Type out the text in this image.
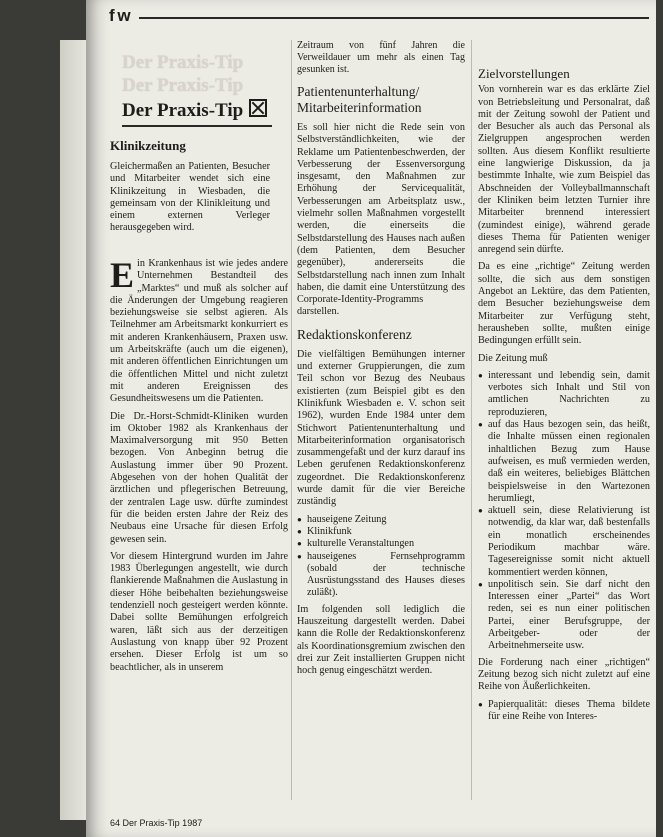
f w
Der Praxis-Tip
Der Praxis-Tip
Der Praxis-Tip
Klinikzeitung
Gleichermaßen an Patienten, Besucher und Mitarbeiter wendet sich eine Klinikzeitung in Wiesbaden, die gemeinsam von der Klinikleitung und einem externen Verleger herausgegeben wird.

Ein Krankenhaus ist wie jedes andere Unternehmen Bestandteil des „Marktes“ und muß als solcher auf die Änderungen der Umgebung reagieren beziehungsweise sie selbst agieren. Als Teilnehmer am Arbeitsmarkt konkurriert es mit anderen Krankenhäusern, Praxen usw. um Arbeitskräfte (auch um die eigenen), mit anderen öffentlichen Einrichtungen um die öffentlichen Mittel und nicht zuletzt mit anderen Ereignissen des Gesundheitswesens um die Patienten.

Die Dr.-Horst-Schmidt-Kliniken wurden im Oktober 1982 als Krankenhaus der Maximalversorgung mit 950 Betten bezogen. Von Anbeginn betrug die Auslastung immer über 90 Prozent. Abgesehen von der hohen Qualität der ärztlichen und pflegerischen Betreuung, der zentralen Lage usw. dürfte zumindest für die beiden ersten Jahre der Reiz des Neubaus eine Ursache für diesen Erfolg gewesen sein.

Vor diesem Hintergrund wurden im Jahre 1983 Überlegungen angestellt, wie durch flankierende Maßnahmen die Auslastung in dieser Höhe beibehalten beziehungsweise tendenziell noch gesteigert werden könnte. Dabei sollte Bemühungen erfolgreich waren, läßt sich aus der derzeitigen Auslastung von knapp über 92 Prozent ersehen. Dieser Erfolg ist um so beachtlicher, als in unserem

Zeitraum von fünf Jahren die Verweildauer um mehr als einen Tag gesunken ist.
Patientenunterhaltung/ Mitarbeiterinformation

Es soll hier nicht die Rede sein von Selbstverständlichkeiten, wie der Reklame um Patientenbeschwerden, der Verbesserung der Essenversorgung insgesamt, den Maßnahmen zur Erhöhung der Servicequalität, Verbesserungen am Arbeitsplatz usw., vielmehr sollen Maßnahmen vorgestellt werden, die einerseits die Selbstdarstellung des Hauses nach außen (dem Patienten, dem Besucher gegenüber), andererseits die Selbstdarstellung nach innen zum Inhalt haben, die damit eine Unterstützung des Corporate-Identity-Programms darstellen.

Redaktionskonferenz

Die vielfältigen Bemühungen interner und externer Gruppierungen, die zum Teil schon vor Bezug des Neubaus existierten (zum Beispiel gibt es den Klinikfunk Wiesbaden e. V. schon seit 1962), wurden Ende 1984 unter dem Stichwort Patientenunterhaltung und Mitarbeiterinformation organisatorisch zusammengefaßt und der kurz darauf ins Leben gerufenen Redaktionskonferenz zugeordnet. Die Redaktionskonferenz wurde damit für die vier Bereiche zuständig

● hauseigene Zeitung
● Klinikfunk
● kulturelle Veranstaltungen
● hauseigenes Fernsehprogramm (sobald der technische Ausrüstungsstand des Hauses dieses zuläßt).

Im folgenden soll lediglich die Hauszeitung dargestellt werden. Dabei kann die Rolle der Redaktionskonferenz als Koordinationsgremium zwischen den drei zur Zeit installierten Gruppen nicht hoch genug eingeschätzt werden.

Zielvorstellungen

Von vornherein war es das erklärte Ziel von Betriebsleitung und Personalrat, daß mit der Zeitung sowohl der Patient und der Besucher als auch das Personal als Zielgruppen angesprochen werden sollten. Aus diesem Konflikt resultierte eine langwierige Diskussion, da ja bestimmte Inhalte, wie zum Beispiel das Abschneiden der Volleyballmannschaft der Kliniken beim letzten Turnier ihre Mitarbeiter brennend interessiert (zumindest einige), während gerade dieses Thema für Patienten weniger anregend sein dürfte.

Da es eine „richtige“ Zeitung werden sollte, die sich aus dem sonstigen Angebot an Lektüre, das dem Patienten, dem Besucher beziehungsweise dem Mitarbeiter zur Verfügung steht, herausheben sollte, mußten einige Bedingungen erfüllt sein.

Die Zeitung muß

● interessant und lebendig sein, damit verbotes sich Inhalt und Stil von amtlichen Nachrichten zu reproduzieren,
● auf das Haus bezogen sein, das heißt, die Inhalte müssen einen regionalen inhaltlichen Bezug zum Hause aufweisen, es muß vermieden werden, daß ein weiteres, beliebiges Blättchen beispielsweise in den Wartezonen herumliegt,
● aktuell sein, diese Relativierung ist notwendig, da klar war, daß bestenfalls ein monatlich erscheinendes Periodikum machbar wäre. Tagesereignisse somit nicht aktuell kommentiert werden können,
● unpolitisch sein. Sie darf nicht den Interessen einer „Partei“ das Wort reden, sei es nun einer politischen Partei, einer Berufsgruppe, der Arbeitgeber- oder der Arbeitnehmerseite usw.

Die Forderung nach einer „richtigen“ Zeitung bezog sich nicht zuletzt auf eine Reihe von Äußerlichkeiten.

● Papierqualität: dieses Thema bildete für eine Reihe von Interes-
64 Der Praxis-Tip 1987
